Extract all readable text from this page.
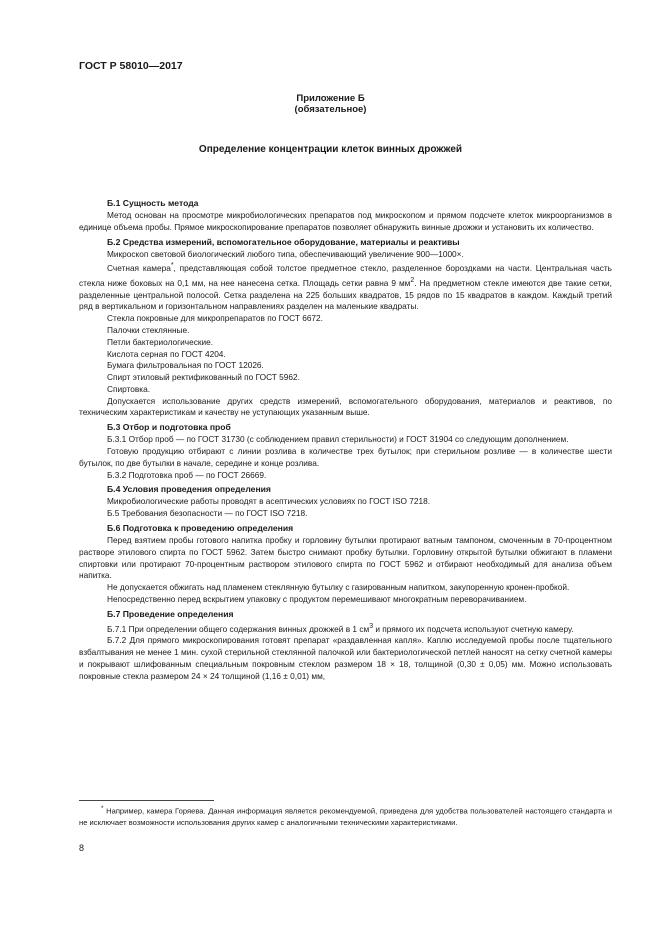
ГОСТ Р 58010—2017
Приложение Б
(обязательное)
Определение концентрации клеток винных дрожжей
Б.1 Сущность метода

Метод основан на просмотре микробиологических препаратов под микроскопом и прямом подсчете клеток микроорганизмов в единице объема пробы. Прямое микроскопирование препаратов позволяет обнаружить винные дрожжи и установить их количество.

Б.2 Средства измерений, вспомогательное оборудование, материалы и реактивы

Микроскоп световой биологический любого типа, обеспечивающий увеличение 900—1000×.

Счетная камера*, представляющая собой толстое предметное стекло, разделенное бороздками на части. Центральная часть стекла ниже боковых на 0,1 мм, на нее нанесена сетка. Площадь сетки равна 9 $мм^2$. На предметном стекле имеются две такие сетки, разделенные центральной полосой. Сетка разделена на 225 больших квадратов, 15 рядов по 15 квадратов в каждом. Каждый третий ряд в вертикальном и горизонтальном направлениях разделен на маленькие квадраты.

Стекла покровные для микропрепаратов по ГОСТ 6672.

Палочки стеклянные.

Петли бактериологические.

Кислота серная по ГОСТ 4204.

Бумага фильтровальная по ГОСТ 12026.

Спирт этиловый ректификованный по ГОСТ 5962.

Спиртовка.

Допускается использование других средств измерений, вспомогательного оборудования, материалов и реактивов, по техническим характеристикам и качеству не уступающих указанным выше.

Б.3 Отбор и подготовка проб

Б.3.1 Отбор проб — по ГОСТ 31730 (с соблюдением правил стерильности) и ГОСТ 31904 со следующим дополнением.

Готовую продукцию отбирают с линии розлива в количестве трех бутылок; при стерильном розливе — в количестве шести бутылок, по две бутылки в начале, середине и конце розлива.

Б.3.2 Подготовка проб — по ГОСТ 26669.

Б.4 Условия проведения определения

Микробиологические работы проводят в асептических условиях по ГОСТ ISO 7218.

Б.5 Требования безопасности — по ГОСТ ISO 7218.

Б.6 Подготовка к проведению определения

Перед взятием пробы готового напитка пробку и горловину бутылки протирают ватным тампоном, смоченным в 70-процентном растворе этилового спирта по ГОСТ 5962. Затем быстро снимают пробку бутылки. Горловину открытой бутылки обжигают в пламени спиртовки или протирают 70-процентным раствором этилового спирта по ГОСТ 5962 и отбирают необходимый для анализа объем напитка.

Не допускается обжигать над пламенем стеклянную бутылку с газированным напитком, закупоренную кронен-пробкой.

Непосредственно перед вскрытием упаковку с продуктом перемешивают многократным переворачиванием.

Б.7 Проведение определения

Б.7.1 При определении общего содержания винных дрожжей в 1 $см^3$ и прямого их подсчета используют счетную камеру.

Б.7.2 Для прямого микроскопирования готовят препарат «раздавленная капля». Каплю исследуемой пробы после тщательного взбалтывания не менее 1 мин. сухой стерильной стеклянной палочкой или бактериологической петлей наносят на сетку счетной камеры и покрывают шлифованным специальным покровным стеклом размером 18 × 18, толщиной (0,30 ± 0,05) мм. Можно использовать покровные стекла размером 24 × 24 толщиной (1,16 ± 0,01) мм,

* Например, камера Горяева. Данная информация является рекомендуемой, приведена для удобства пользователей настоящего стандарта и не исключает возможности использования других камер с аналогичными техническими характеристиками.
8
